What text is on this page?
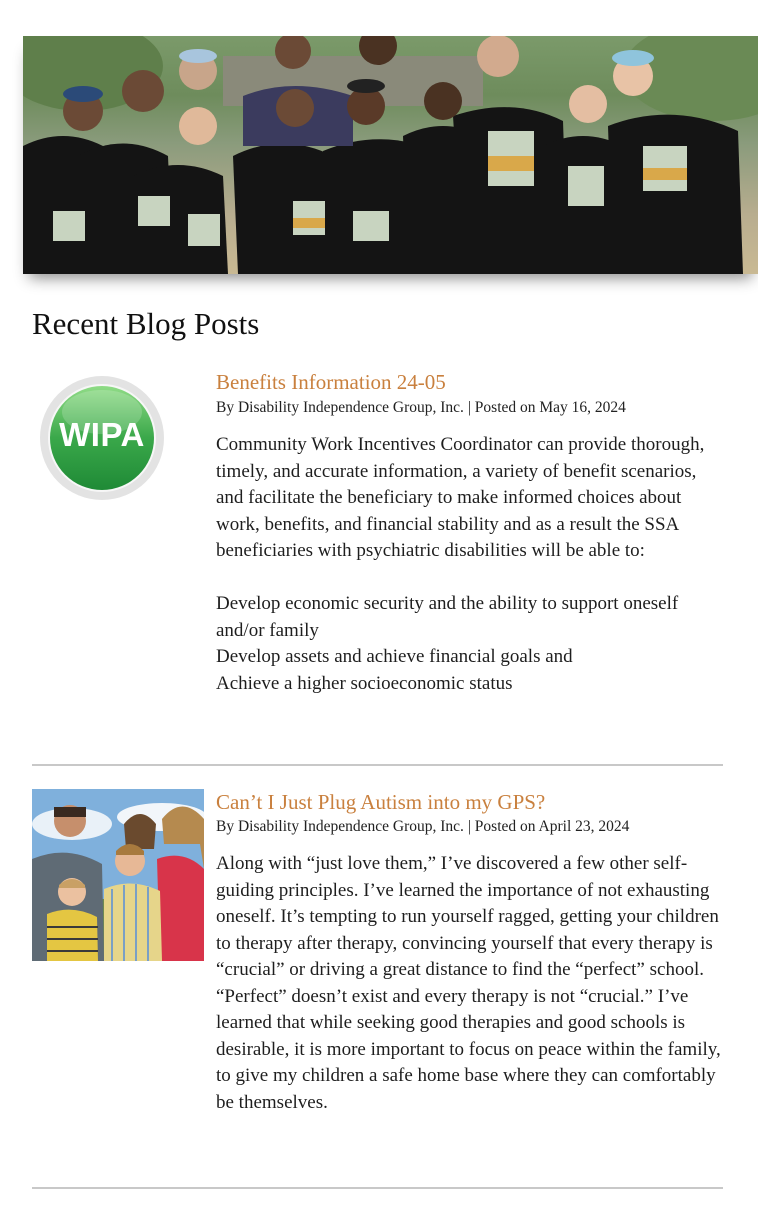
Recent Blog Posts
WIPA
Benefits Information 24-05
By Disability Independence Group, Inc. | Posted on May 16, 2024

Community Work Incentives Coordinator can provide thorough, timely, and accurate information, a variety of benefit scenarios, and facilitate the beneficiary to make informed choices about work, benefits, and financial stability and as a result the SSA beneficiaries with psychiatric disabilities will be able to:

Develop economic security and the ability to support oneself and/or family

Develop assets and achieve financial goals and

Achieve a higher socioeconomic status

Can’t I Just Plug Autism into my GPS?
By Disability Independence Group, Inc. | Posted on April 23, 2024

Along with “just love them,” I’ve discovered a few other self-guiding principles. I’ve learned the importance of not exhausting oneself. It’s tempting to run yourself ragged, getting your children to therapy after therapy, convincing yourself that every therapy is “crucial” or driving a great distance to find the “perfect” school. “Perfect” doesn’t exist and every therapy is not “crucial.” I’ve learned that while seeking good therapies and good schools is desirable, it is more important to focus on peace within the family, to give my children a safe home base where they can comfortably be themselves.
